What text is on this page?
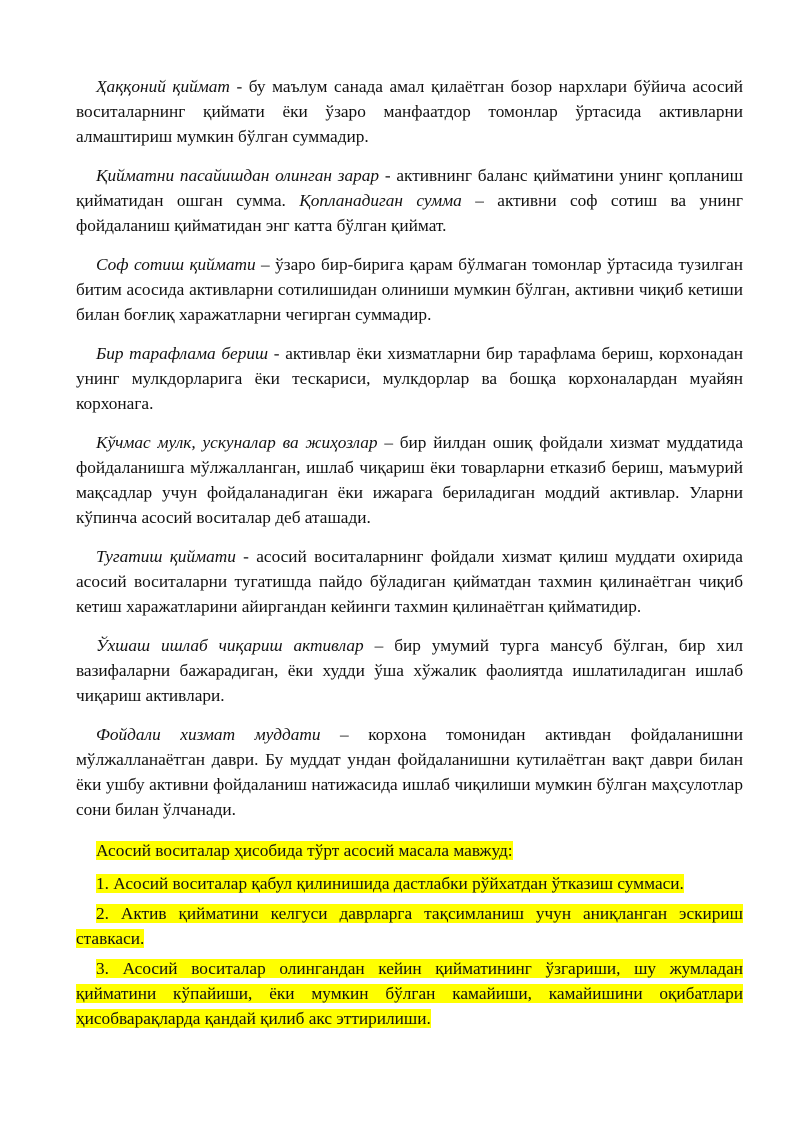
Ҳаққоний қиймат - бу маълум санада амал қилаётган бозор нархлари бўйича асосий воситаларнинг қиймати ёки ўзаро манфаатдор томонлар ўртасида активларни алмаштириш мумкин бўлган суммадир.

Қийматни пасайишдан олинган зарар - активнинг баланс қийматини унинг қопланиш қийматидан ошган сумма. Қопланадиган сумма – активни соф сотиш ва унинг фойдаланиш қийматидан энг катта бўлган қиймат.

Соф сотиш қиймати – ўзаро бир-бирига қарам бўлмаган томонлар ўртасида тузилган битим асосида активларни сотилишидан олиниши мумкин бўлган, активни чиқиб кетиши билан боғлиқ харажатларни чегирган суммадир.

Бир тарафлама бериш - активлар ёки хизматларни бир тарафлама бериш, корхонадан унинг мулкдорларига ёки тескариси, мулкдорлар ва бошқа корхоналардан муайян корхонага.

Кўчмас мулк, ускуналар ва жиҳозлар – бир йилдан ошиқ фойдали хизмат муддатида фойдаланишга мўлжалланган, ишлаб чиқариш ёки товарларни етказиб бериш, маъмурий мақсадлар учун фойдаланадиган ёки ижарага бериладиган моддий активлар. Уларни кўпинча асосий воситалар деб аташади.

Тугатиш қиймати - асосий воситаларнинг фойдали хизмат қилиш муддати охирида асосий воситаларни тугатишда пайдо бўладиган қийматдан тахмин қилинаётган чиқиб кетиш харажатларини айиргандан кейинги тахмин қилинаётган қийматидир.

Ўхшаш ишлаб чиқариш активлар – бир умумий турга мансуб бўлган, бир хил вазифаларни бажарадиган, ёки худди ўша хўжалик фаолиятда ишлатиладиган ишлаб чиқариш активлари.

Фойдали хизмат муддати – корхона томонидан активдан фойдаланишни мўлжалланаётган даври. Бу муддат ундан фойдаланишни кутилаётган вақт даври билан ёки ушбу активни фойдаланиш натижасида ишлаб чиқилиши мумкин бўлган маҳсулотлар сони билан ўлчанади.

Асосий воситалар ҳисобида тўрт асосий масала мавжуд:

1. Асосий воситалар қабул қилинишида дастлабки рўйхатдан ўтказиш суммаси.

2. Актив қийматини келгуси даврларга тақсимланиш учун аниқланган эскириш ставкаси.

3. Асосий воситалар олингандан кейин қийматининг ўзгариши, шу жумладан қийматини кўпайиши, ёки мумкин бўлган камайиши, камайишини оқибатлари ҳисобварақларда қандай қилиб акс эттирилиши.
